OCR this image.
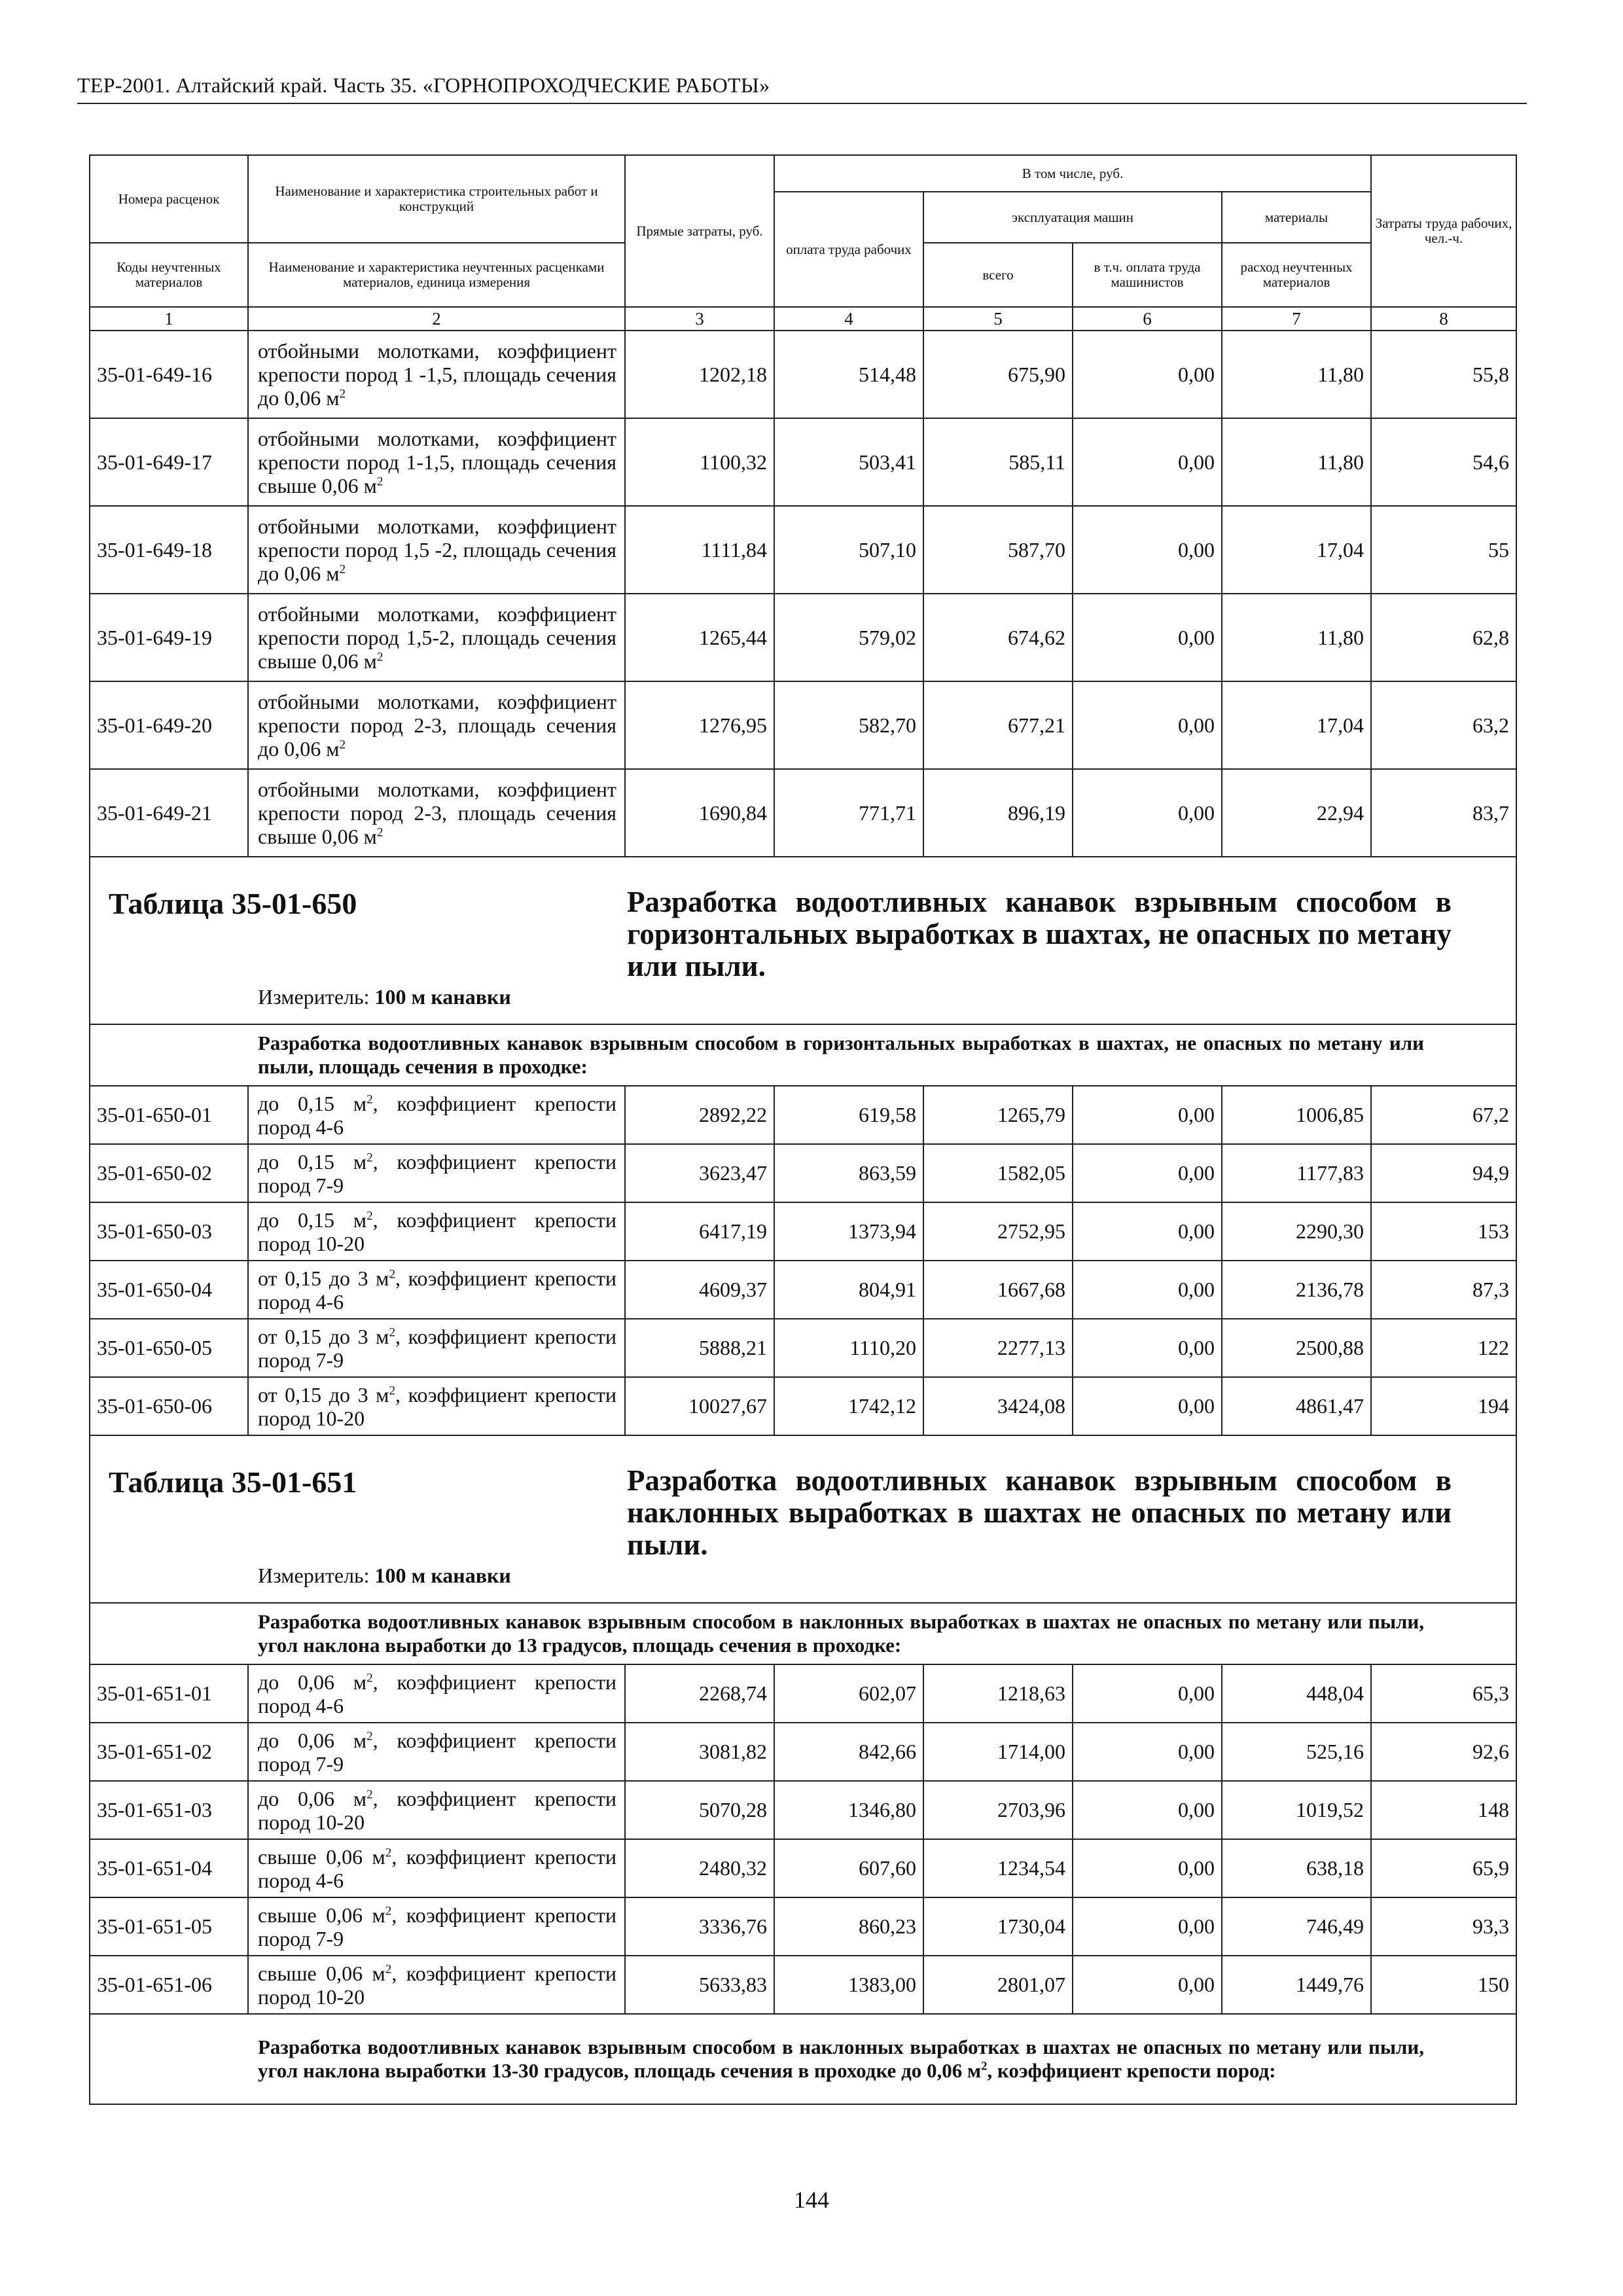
ТЕР-2001. Алтайский край. Часть 35. «ГОРНОПРОХОДЧЕСКИЕ РАБОТЫ»
Номера расценок	Наименование и характеристика строительных работ и конструкций	Прямые затраты, руб.	В том числе, руб.				Затраты труда рабочих, чел.-ч.
			оплата труда рабочих	эксплуатация машин		материалы	
Коды неучтенных материалов	Наименование и характеристика неучтенных расценками материалов, единица измерения			всего	в т.ч. оплата труда машинистов	расход неучтенных материалов	
1	2	3	4	5	6	7	8
35-01-649-16	отбойными молотками, коэффициент крепости пород 1 -1,5, площадь сечения до 0,06 $м^2$	1202,18	514,48	675,90	0,00	11,80	55,8
35-01-649-17	отбойными молотками, коэффициент крепости пород 1-1,5, площадь сечения свыше 0,06 $м^2$	1100,32	503,41	585,11	0,00	11,80	54,6
35-01-649-18	отбойными молотками, коэффициент крепости пород 1,5 -2, площадь сечения до 0,06 $м^2$	1111,84	507,10	587,70	0,00	17,04	55
35-01-649-19	отбойными молотками, коэффициент крепости пород 1,5-2, площадь сечения свыше 0,06 $м^2$	1265,44	579,02	674,62	0,00	11,80	62,8
35-01-649-20	отбойными молотками, коэффициент крепости пород 2-3, площадь сечения до 0,06 $м^2$	1276,95	582,70	677,21	0,00	17,04	63,2
35-01-649-21	отбойными молотками, коэффициент крепости пород 2-3, площадь сечения свыше 0,06 $м^2$	1690,84	771,71	896,19	0,00	22,94	83,7

Таблица 35-01-650 Разработка водоотливных канавок взрывным способом в горизонтальных выработках в шахтах, не опасных по метану или пыли.
Измеритель: 100 м канавки							

Разработка водоотливных канавок взрывным способом в горизонтальных выработках в шахтах, не опасных по метану или пыли, площадь сечения в проходке:							
35-01-650-01	до 0,15 $м^2$, коэффициент крепости пород 4-6	2892,22	619,58	1265,79	0,00	1006,85	67,2
35-01-650-02	до 0,15 $м^2$, коэффициент крепости пород 7-9	3623,47	863,59	1582,05	0,00	1177,83	94,9
35-01-650-03	до 0,15 $м^2$, коэффициент крепости пород 10-20	6417,19	1373,94	2752,95	0,00	2290,30	153
35-01-650-04	от 0,15 до 3 $м^2$, коэффициент крепости пород 4-6	4609,37	804,91	1667,68	0,00	2136,78	87,3
35-01-650-05	от 0,15 до 3 $м^2$, коэффициент крепости пород 7-9	5888,21	1110,20	2277,13	0,00	2500,88	122
35-01-650-06	от 0,15 до 3 $м^2$, коэффициент крепости пород 10-20	10027,67	1742,12	3424,08	0,00	4861,47	194

Таблица 35-01-651 Разработка водоотливных канавок взрывным способом в наклонных выработках в шахтах не опасных по метану или пыли.
Измеритель: 100 м канавки							

Разработка водоотливных канавок взрывным способом в наклонных выработках в шахтах не опасных по метану или пыли, угол наклона выработки до 13 градусов, площадь сечения в проходке:							
35-01-651-01	до 0,06 $м^2$, коэффициент крепости пород 4-6	2268,74	602,07	1218,63	0,00	448,04	65,3
35-01-651-02	до 0,06 $м^2$, коэффициент крепости пород 7-9	3081,82	842,66	1714,00	0,00	525,16	92,6
35-01-651-03	до 0,06 $м^2$, коэффициент крепости пород 10-20	5070,28	1346,80	2703,96	0,00	1019,52	148
35-01-651-04	свыше 0,06 $м^2$, коэффициент крепости пород 4-6	2480,32	607,60	1234,54	0,00	638,18	65,9
35-01-651-05	свыше 0,06 $м^2$, коэффициент крепости пород 7-9	3336,76	860,23	1730,04	0,00	746,49	93,3
35-01-651-06	свыше 0,06 $м^2$, коэффициент крепости пород 10-20	5633,83	1383,00	2801,07	0,00	1449,76	150
Разработка водоотливных канавок взрывным способом в наклонных выработках в шахтах не опасных по метану или пыли, угол наклона выработки 13-30 градусов, площадь сечения в проходке до 0,06 $м^2$, коэффициент крепости пород:							
144
